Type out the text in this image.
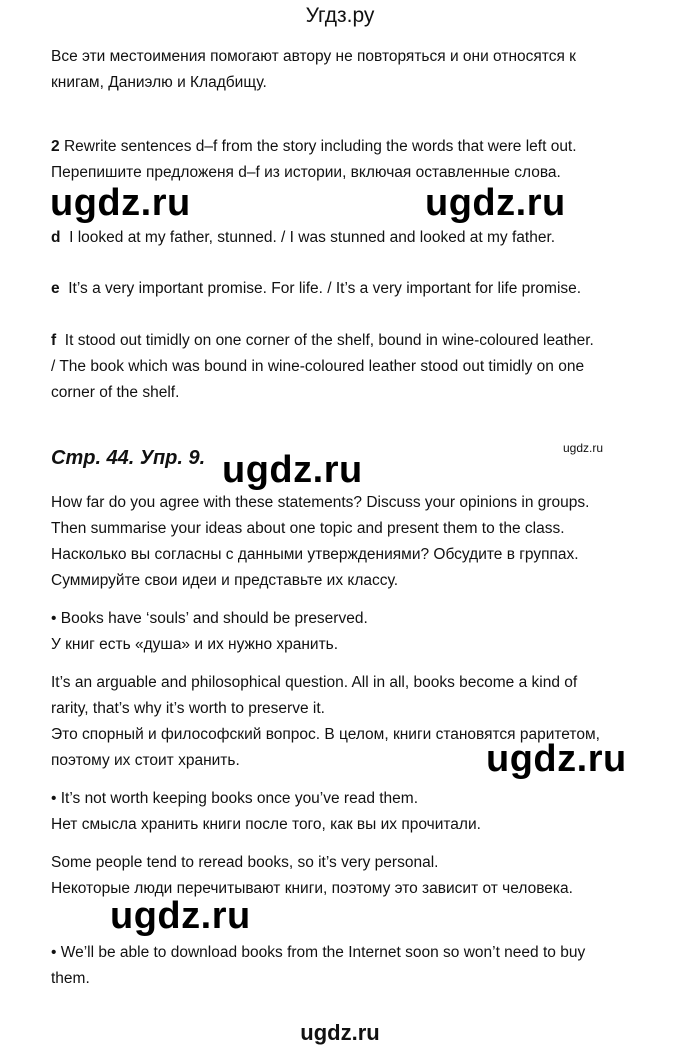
Угдз.ру
Все эти местоимения помогают автору не повторяться и они относятся к
книгам, Даниэлю и Кладбищу.
2 Rewrite sentences d–f from the story including the words that were left out.
Перепишите предложеня d–f из истории, включая оставленные слова.
ugdz.ru	ugdz.ru
d I looked at my father, stunned. / I was stunned and looked at my father.
e It’s a very important promise. For life. / It’s a very important for life promise.
f It stood out timidly on one corner of the shelf, bound in wine-coloured leather.
/ The book which was bound in wine-coloured leather stood out timidly on one
corner of the shelf.
Стр. 44. Упр. 9.	ugdz.ru
ugdz.ru
How far do you agree with these statements? Discuss your opinions in groups.
Then summarise your ideas about one topic and present them to the class.
Насколько вы согласны с данными утверждениями? Обсудите в группах.
Суммируйте свои идеи и представьте их классу.
• Books have ‘souls’ and should be preserved.
У книг есть «душа» и их нужно хранить.
It’s an arguable and philosophical question. All in all, books become a kind of
rarity, that’s why it’s worth to preserve it.
Это спорный и философский вопрос. В целом, книги становятся раритетом,
поэтому их стоит хранить.	ugdz.ru
• It’s not worth keeping books once you’ve read them.
Нет смысла хранить книги после того, как вы их прочитали.
Some people tend to reread books, so it’s very personal.
Некоторые люди перечитывают книги, поэтому это зависит от человека.
ugdz.ru
• We’ll be able to download books from the Internet soon so won’t need to buy
them.
ugdz.ru
